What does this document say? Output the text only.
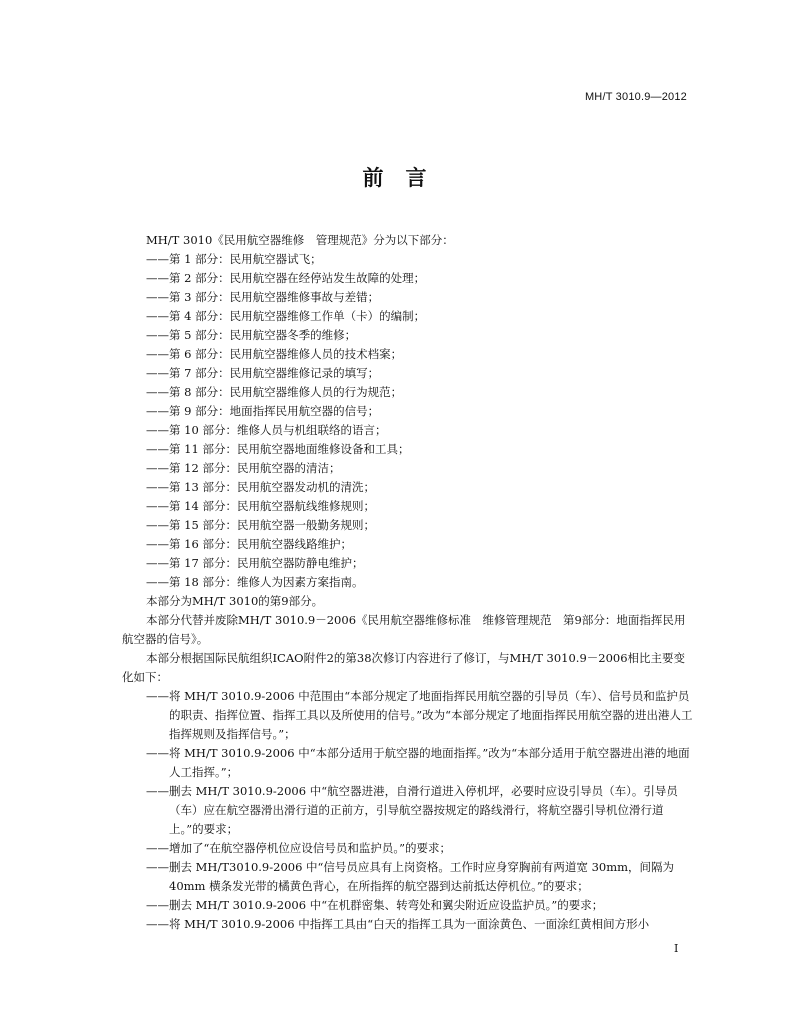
MH/T 3010.9—2012
前言
MH/T 3010《民用航空器维修　管理规范》分为以下部分：
——第 1 部分：民用航空器试飞；
——第 2 部分：民用航空器在经停站发生故障的处理；
——第 3 部分：民用航空器维修事故与差错；
——第 4 部分：民用航空器维修工作单（卡）的编制；
——第 5 部分：民用航空器冬季的维修；
——第 6 部分：民用航空器维修人员的技术档案；
——第 7 部分：民用航空器维修记录的填写；
——第 8 部分：民用航空器维修人员的行为规范；
——第 9 部分：地面指挥民用航空器的信号；
——第 10 部分：维修人员与机组联络的语言；
——第 11 部分：民用航空器地面维修设备和工具；
——第 12 部分：民用航空器的清洁；
——第 13 部分：民用航空器发动机的清洗；
——第 14 部分：民用航空器航线维修规则；
——第 15 部分：民用航空器一般勤务规则；
——第 16 部分：民用航空器线路维护；
——第 17 部分：民用航空器防静电维护；
——第 18 部分：维修人为因素方案指南。
本部分为MH/T 3010的第9部分。
本部分代替并废除MH/T 3010.9－2006《民用航空器维修标准　维修管理规范　第9部分：地面指挥民用航空器的信号》。
本部分根据国际民航组织ICAO附件2的第38次修订内容进行了修订，与MH/T 3010.9－2006相比主要变化如下：
——将 MH/T 3010.9-2006 中范围由“本部分规定了地面指挥民用航空器的引导员（车）、信号员和监护员的职责、指挥位置、指挥工具以及所使用的信号。”改为“本部分规定了地面指挥民用航空器的进出港人工指挥规则及指挥信号。”；
——将 MH/T 3010.9-2006 中“本部分适用于航空器的地面指挥。”改为“本部分适用于航空器进出港的地面人工指挥。”；
——删去 MH/T 3010.9-2006 中“航空器进港，自滑行道进入停机坪，必要时应设引导员（车）。引导员（车）应在航空器滑出滑行道的正前方，引导航空器按规定的路线滑行，将航空器引导机位滑行道上。”的要求；
——增加了“在航空器停机位应设信号员和监护员。”的要求；
——删去 MH/T3010.9-2006 中“信号员应具有上岗资格。工作时应身穿胸前有两道宽 30mm，间隔为 40mm 横条发光带的橘黄色背心，在所指挥的航空器到达前抵达停机位。”的要求；
——删去 MH/T 3010.9-2006 中“在机群密集、转弯处和翼尖附近应设监护员。”的要求；
——将 MH/T 3010.9-2006 中指挥工具由“白天的指挥工具为一面涂黄色、一面涂红黄相间方形小
I
